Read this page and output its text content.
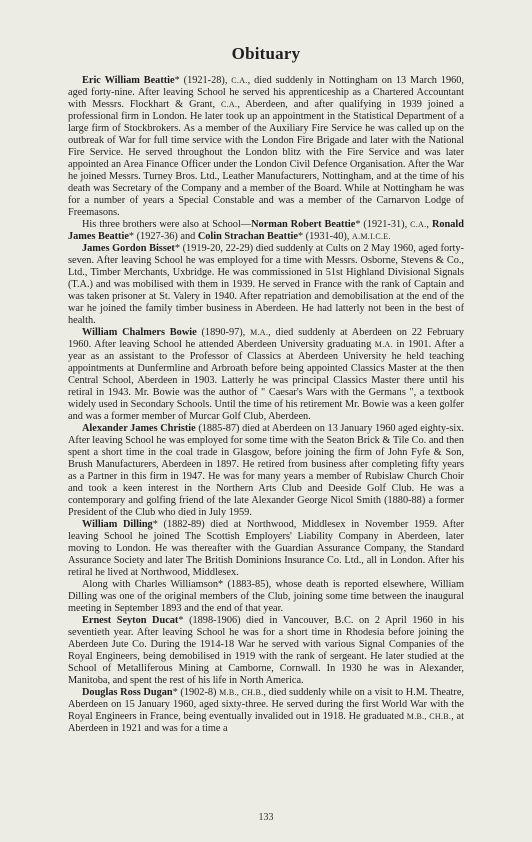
Obituary

Eric William Beattie* (1921-28), C.A., died suddenly in Nottingham on 13 March 1960, aged forty-nine. After leaving School he served his apprenticeship as a Chartered Accountant with Messrs. Flockhart & Grant, C.A., Aberdeen, and after qualifying in 1939 joined a professional firm in London. He later took up an appointment in the Statistical Department of a large firm of Stockbrokers. As a member of the Auxiliary Fire Service he was called up on the outbreak of War for full time service with the London Fire Brigade and later with the National Fire Service. He served throughout the London blitz with the Fire Service and was later appointed an Area Finance Officer under the London Civil Defence Organisation. After the War he joined Messrs. Turney Bros. Ltd., Leather Manufacturers, Nottingham, and at the time of his death was Secretary of the Company and a member of the Board. While at Nottingham he was for a number of years a Special Constable and was a member of the Carnarvon Lodge of Freemasons.

His three brothers were also at School—Norman Robert Beattie* (1921-31), C.A., Ronald James Beattie* (1927-36) and Colin Strachan Beattie* (1931-40), A.M.I.C.E.

James Gordon Bisset* (1919-20, 22-29) died suddenly at Cults on 2 May 1960, aged forty-seven. After leaving School he was employed for a time with Messrs. Osborne, Stevens & Co., Ltd., Timber Merchants, Uxbridge. He was commissioned in 51st Highland Divisional Signals (T.A.) and was mobilised with them in 1939. He served in France with the rank of Captain and was taken prisoner at St. Valery in 1940. After repatriation and demobilisation at the end of the war he joined the family timber business in Aberdeen. He had latterly not been in the best of health.

William Chalmers Bowie (1890-97), M.A., died suddenly at Aberdeen on 22 February 1960. After leaving School he attended Aberdeen University graduating M.A. in 1901. After a year as an assistant to the Professor of Classics at Aberdeen University he held teaching appointments at Dunfermline and Arbroath before being appointed Classics Master at the then Central School, Aberdeen in 1903. Latterly he was principal Classics Master there until his retiral in 1943. Mr. Bowie was the author of " Caesar's Wars with the Germans ", a textbook widely used in Secondary Schools. Until the time of his retirement Mr. Bowie was a keen golfer and was a former member of Murcar Golf Club, Aberdeen.

Alexander James Christie (1885-87) died at Aberdeen on 13 January 1960 aged eighty-six. After leaving School he was employed for some time with the Seaton Brick & Tile Co. and then spent a short time in the coal trade in Glasgow, before joining the firm of John Fyfe & Son, Brush Manufacturers, Aberdeen in 1897. He retired from business after completing fifty years as a Partner in this firm in 1947. He was for many years a member of Rubislaw Church Choir and took a keen interest in the Northern Arts Club and Deeside Golf Club. He was a contemporary and golfing friend of the late Alexander George Nicol Smith (1880-88) a former President of the Club who died in July 1959.

William Dilling* (1882-89) died at Northwood, Middlesex in November 1959. After leaving School he joined The Scottish Employers' Liability Company in Aberdeen, later moving to London. He was thereafter with the Guardian Assurance Company, the Standard Assurance Society and later The British Dominions Insurance Co. Ltd., all in London. After his retiral he lived at Northwood, Middlesex.

Along with Charles Williamson* (1883-85), whose death is reported elsewhere, William Dilling was one of the original members of the Club, joining some time between the inaugural meeting in September 1893 and the end of that year.

Ernest Seyton Ducat* (1898-1906) died in Vancouver, B.C. on 2 April 1960 in his seventieth year. After leaving School he was for a short time in Rhodesia before joining the Aberdeen Jute Co. During the 1914-18 War he served with various Signal Companies of the Royal Engineers, being demobilised in 1919 with the rank of sergeant. He later studied at the School of Metalliferous Mining at Camborne, Cornwall. In 1930 he was in Alexander, Manitoba, and spent the rest of his life in North America.

Douglas Ross Dugan* (1902-8) M.B., CH.B., died suddenly while on a visit to H.M. Theatre, Aberdeen on 15 January 1960, aged sixty-three. He served during the first World War with the Royal Engineers in France, being eventually invalided out in 1918. He graduated M.B., CH.B., at Aberdeen in 1921 and was for a time a

133
